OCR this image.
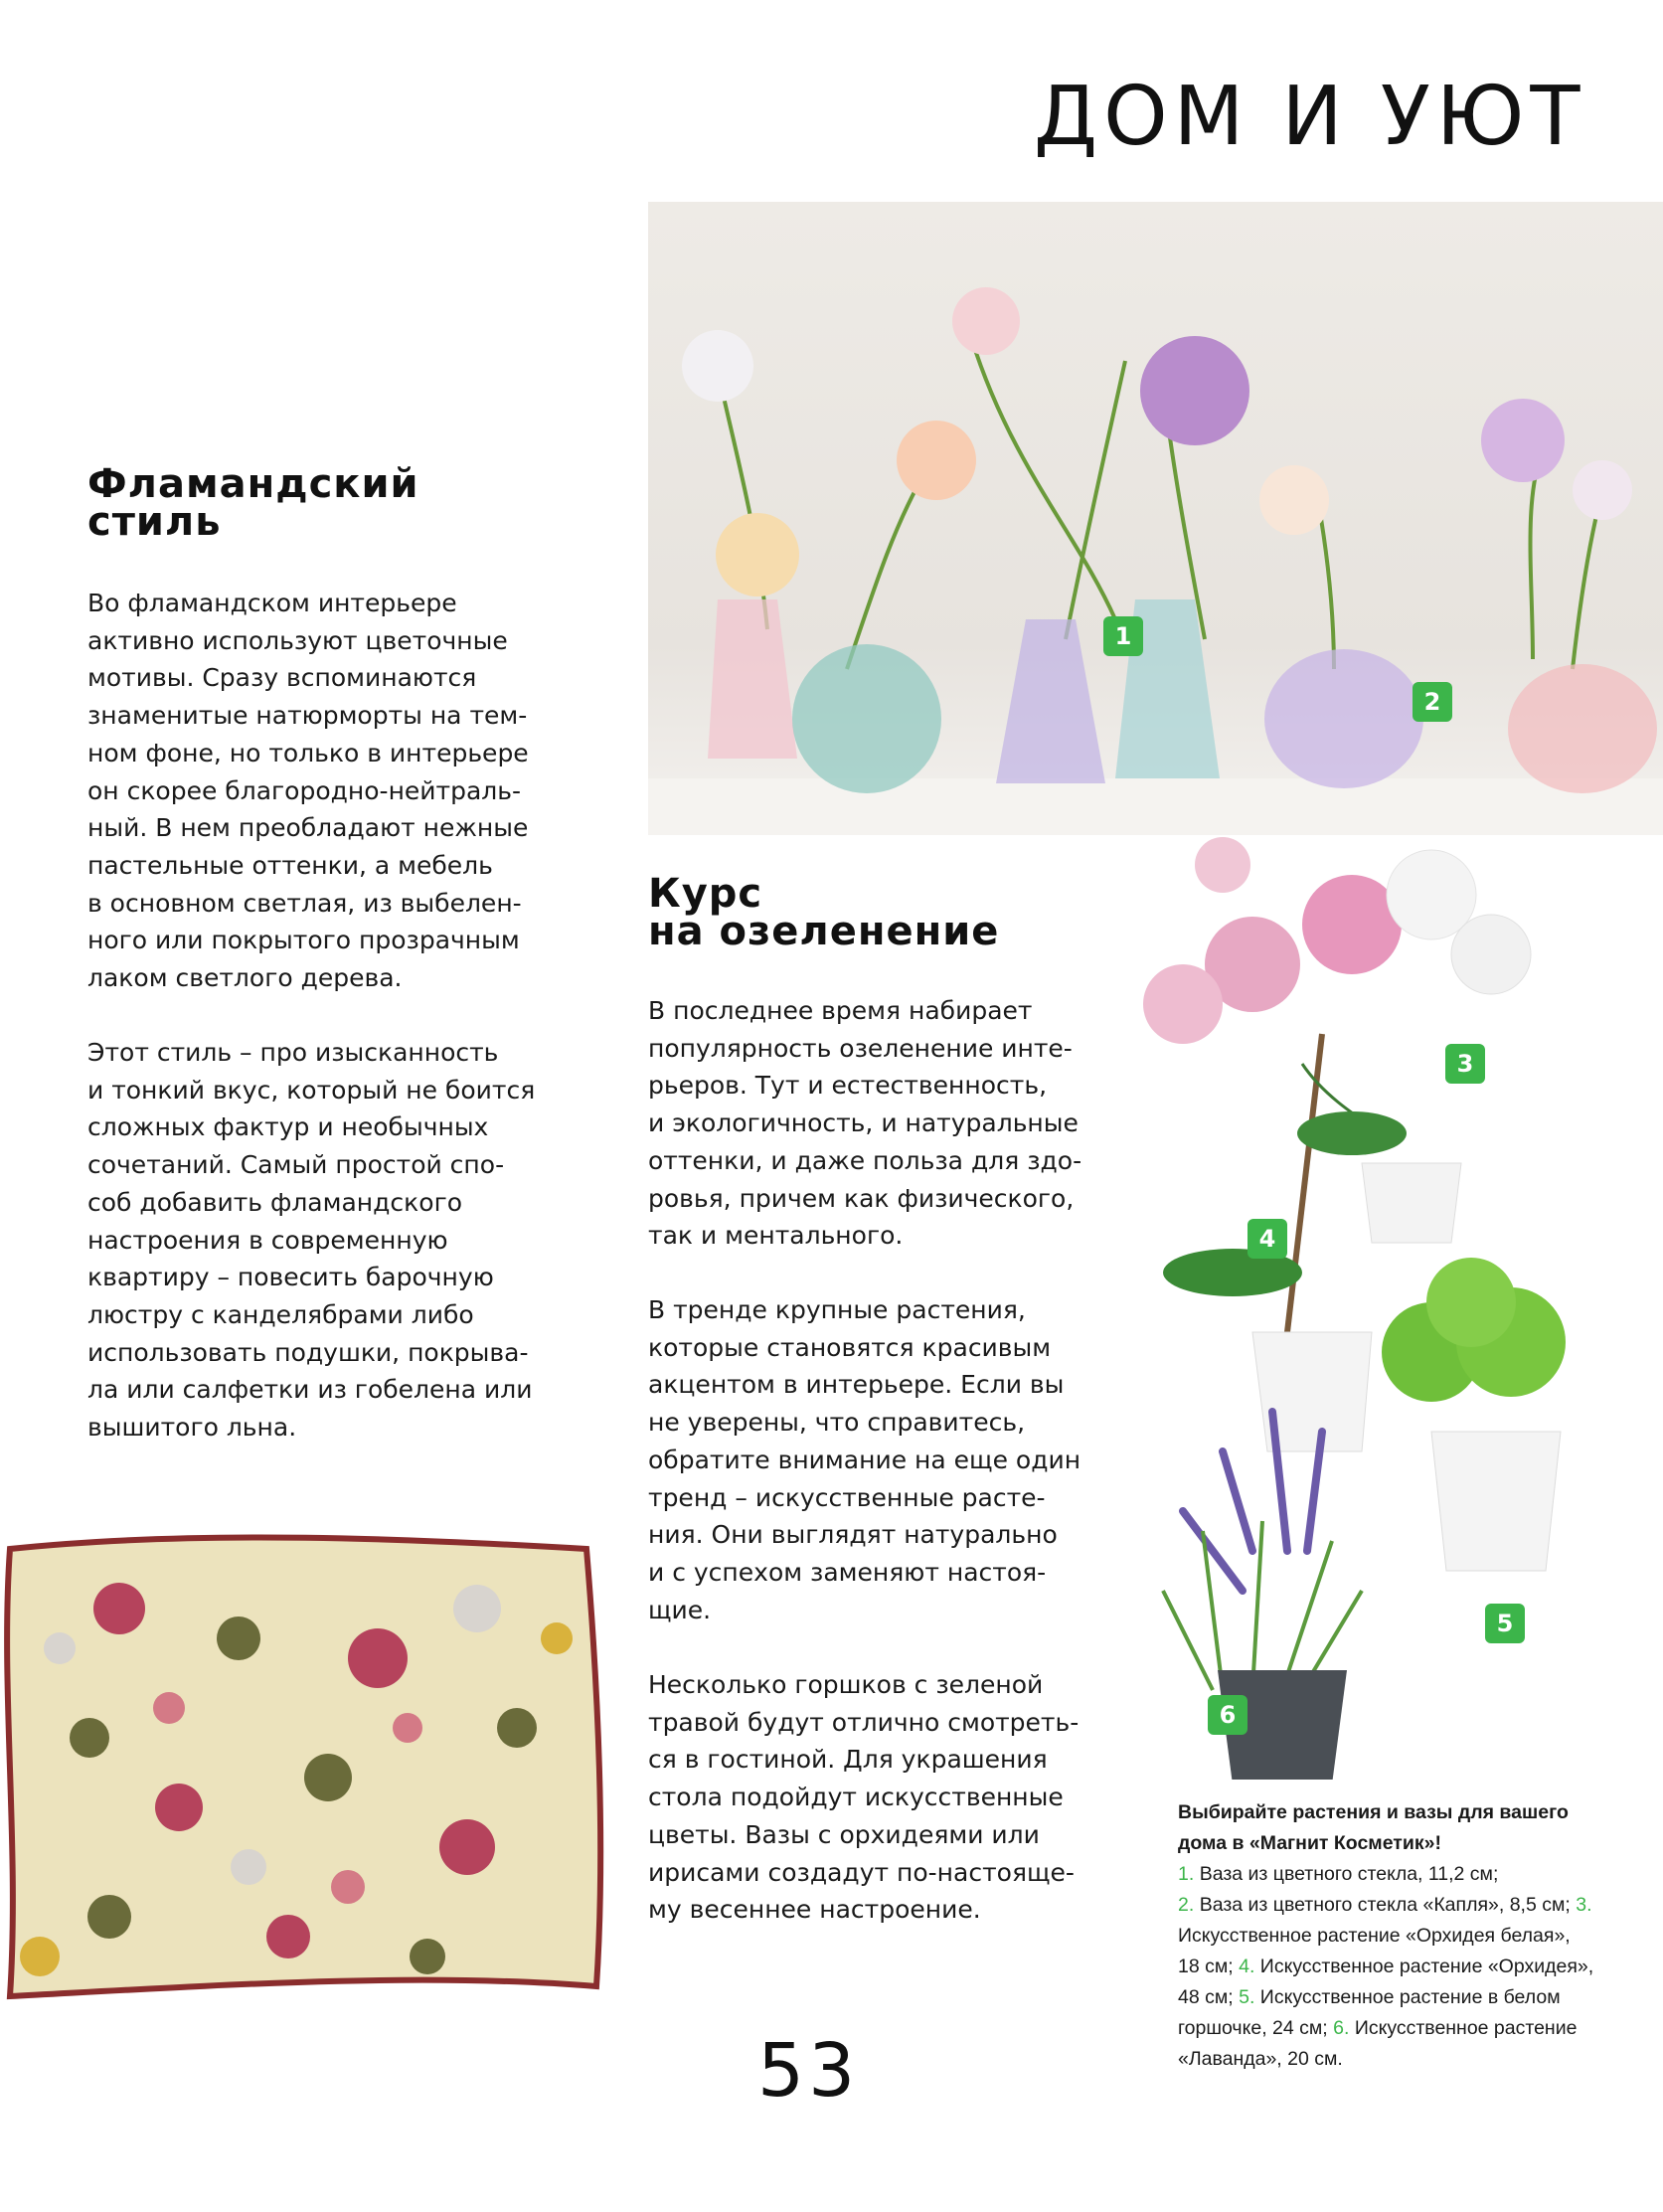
ДОМ И УЮТ
Фламандский
стиль

Во фламандском интерьере
активно используют цветочные
мотивы. Сразу вспоминаются
знаменитые натюрморты на тем-
ном фоне, но только в интерьере
он скорее благородно-нейтраль-
ный. В нем преобладают нежные
пастельные оттенки, а мебель
в основном светлая, из выбелен-
ного или покрытого прозрачным
лаком светлого дерева.

Этот стиль – про изысканность
и тонкий вкус, который не боится
сложных фактур и необычных
сочетаний. Самый простой спо-
соб добавить фламандского
настроения в современную
квартиру – повесить барочную
люстру с канделябрами либо
использовать подушки, покрыва-
ла или салфетки из гобелена или
вышитого льна.

1
2
Курс
на озеленение

В последнее время набирает
популярность озеленение инте-
рьеров. Тут и естественность,
и экологичность, и натуральные
оттенки, и даже польза для здо-
ровья, причем как физического,
так и ментального.

В тренде крупные растения,
которые становятся красивым
акцентом в интерьере. Если вы
не уверены, что справитесь,
обратите внимание на еще один
тренд – искусственные расте-
ния. Они выглядят натурально
и с успехом заменяют настоя-
щие.

Несколько горшков с зеленой
травой будут отлично смотреть-
ся в гостиной. Для украшения
стола подойдут искусственные
цветы. Вазы с орхидеями или
ирисами создадут по-настояще-
му весеннее настроение.

3
4
5
6
Выбирайте растения и вазы для вашего дома в «Магнит Косметик»!
1. Ваза из цветного стекла, 11,2 см;
2. Ваза из цветного стекла «Капля», 8,5 см; 3. Искусственное растение «Орхидея белая», 18 см; 4. Искусственное растение «Орхидея», 48 см; 5. Искусственное растение в белом горшочке, 24 см; 6. Искусственное растение «Лаванда», 20 см.
53
